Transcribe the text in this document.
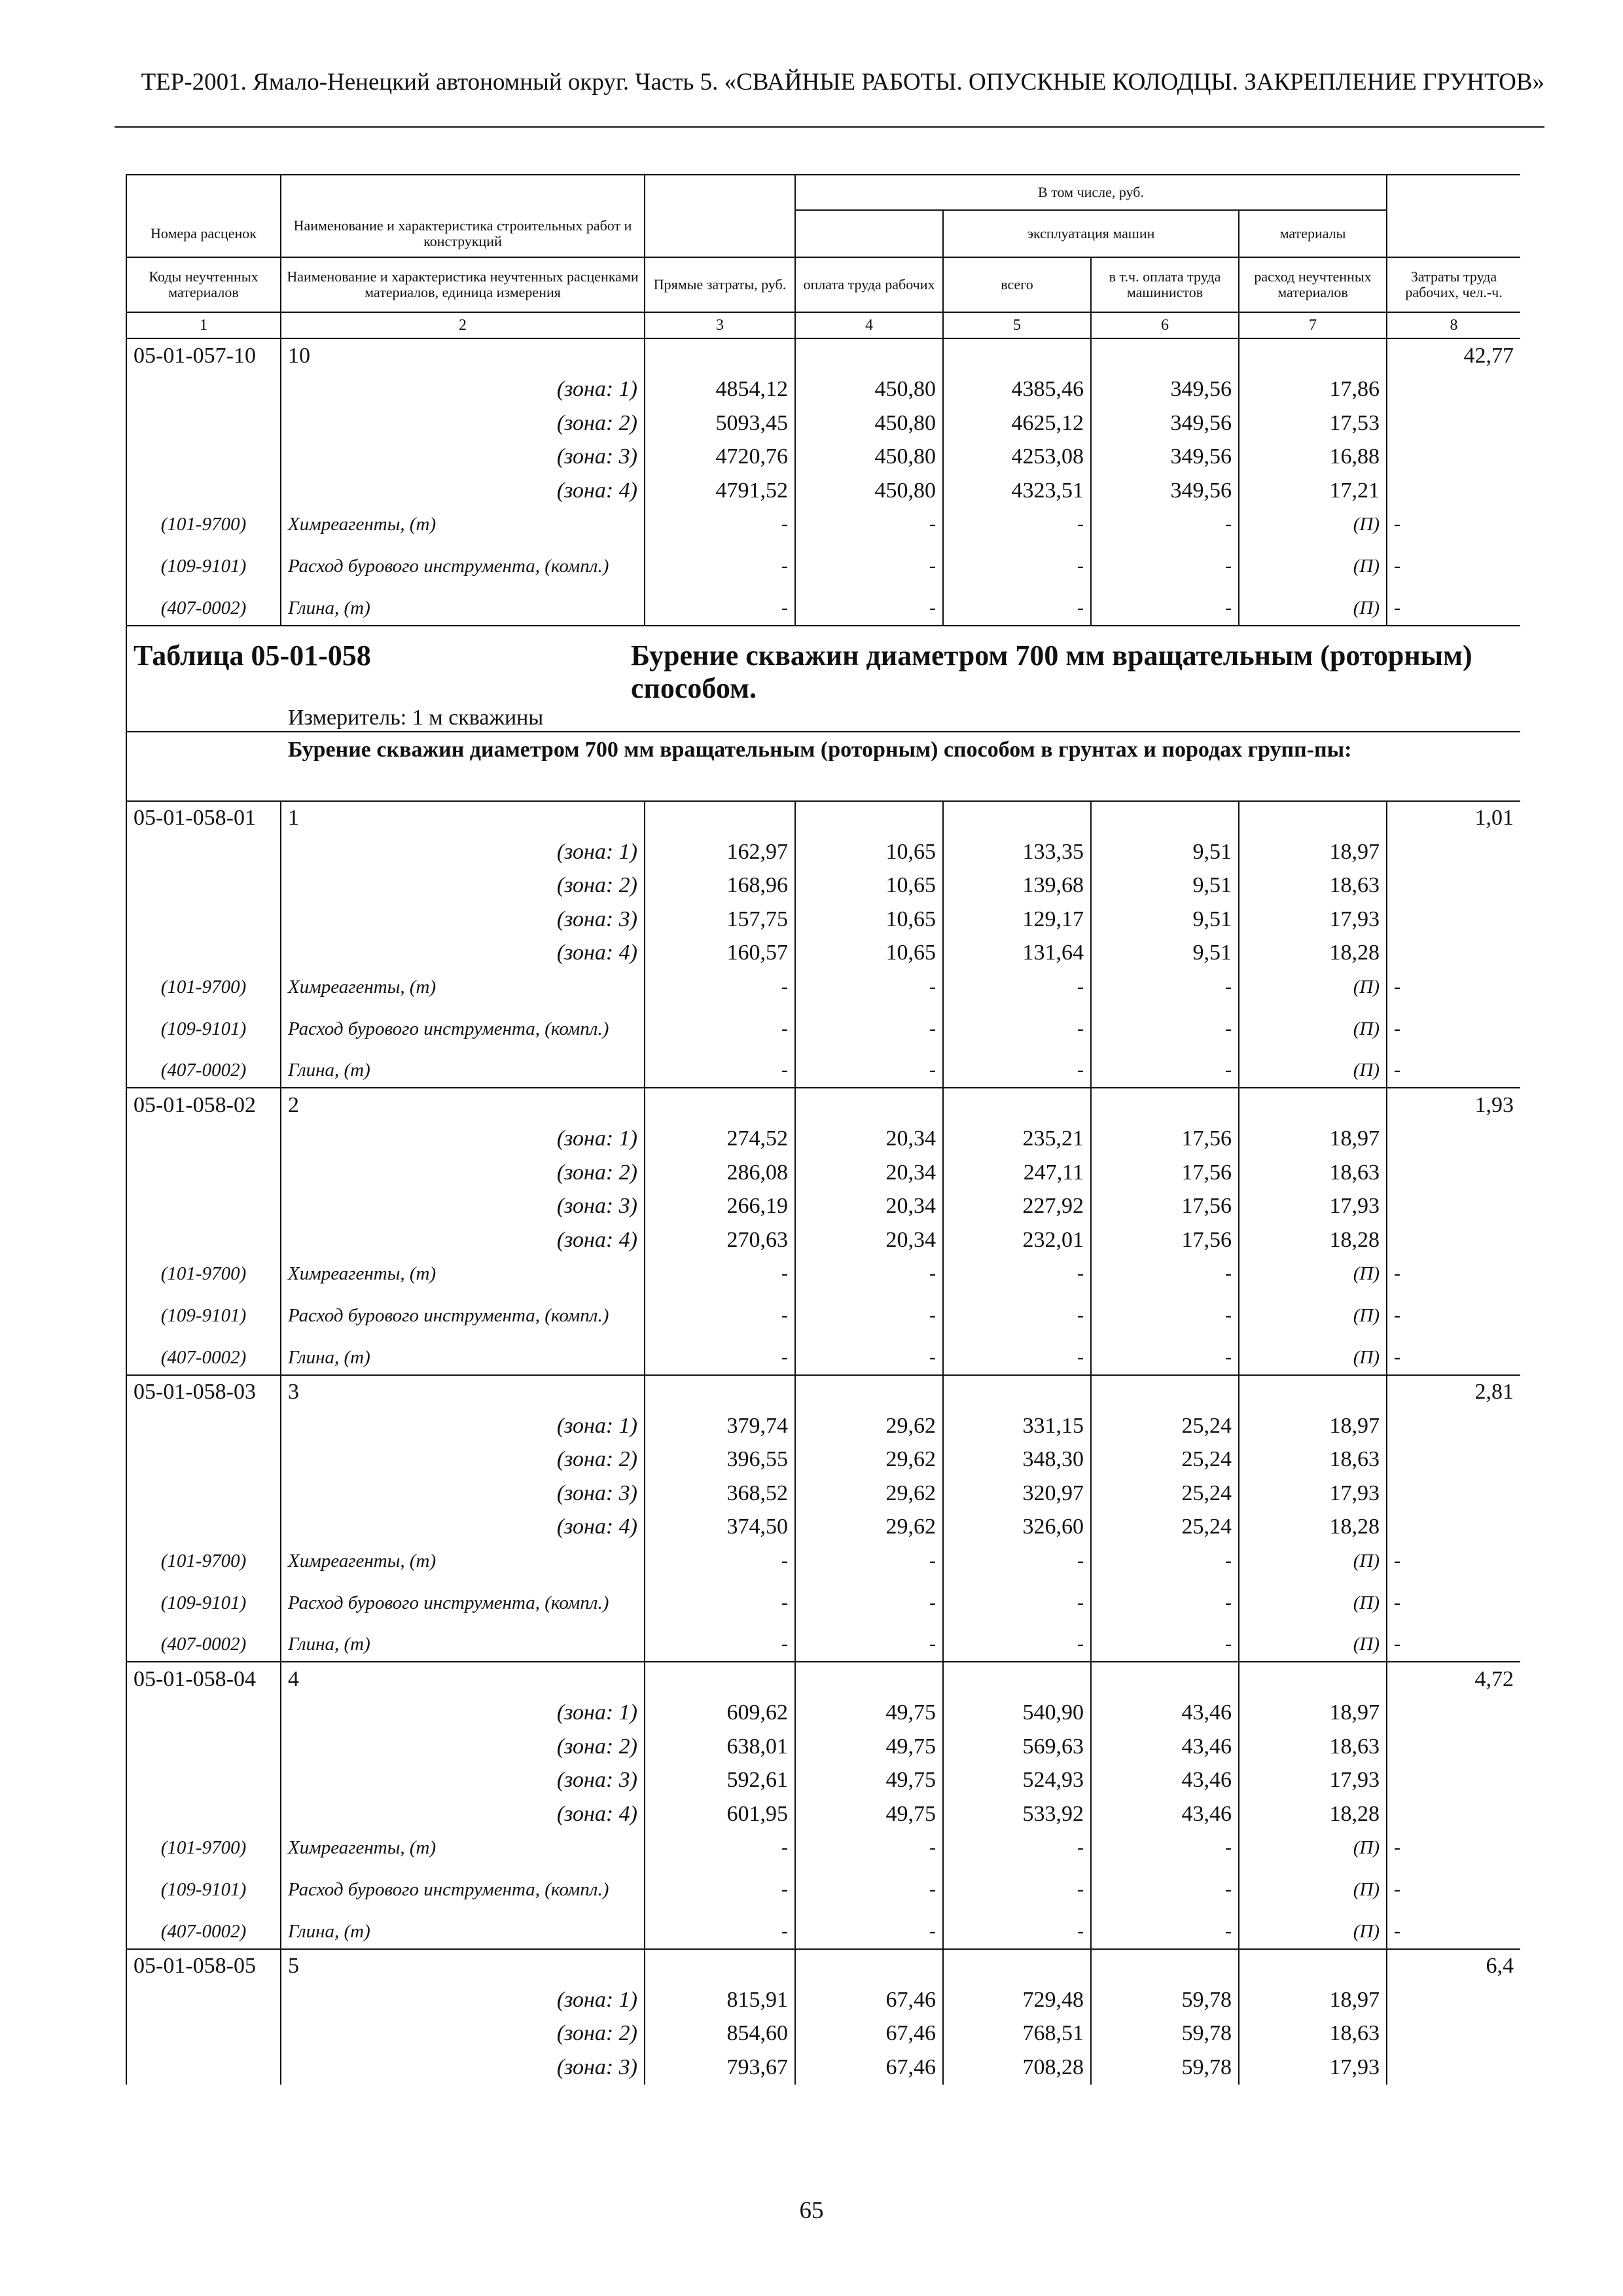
ТЕР-2001. Ямало-Ненецкий автономный округ. Часть 5. «СВАЙНЫЕ РАБОТЫ. ОПУСКНЫЕ КОЛОДЦЫ. ЗАКРЕПЛЕНИЕ ГРУНТОВ»
			В том числе, руб.				
Номера расценок	Наименование и характеристика строительных работ и конструкций			эксплуатация машин		материалы	
Коды неучтенных материалов	Наименование и характеристика неучтенных расценками материалов, единица измерения	Прямые затраты, руб.	оплата труда рабочих	всего	в т.ч. оплата труда машинистов	расход неучтенных материалов	Затраты труда рабочих, чел.-ч.
1	2	3	4	5	6	7	8
05-01-057-10	10						42,77
	(зона: 1)	4854,12	450,80	4385,46	349,56	17,86	
	(зона: 2)	5093,45	450,80	4625,12	349,56	17,53	
	(зона: 3)	4720,76	450,80	4253,08	349,56	16,88	
	(зона: 4)	4791,52	450,80	4323,51	349,56	17,21	
(101-9700)	Химреагенты, (т)	-	-	-	-	(П)	-
(109-9101)	Расход бурового инструмента, (компл.)	-	-	-	-	(П)	-
(407-0002)	Глина, (т)	-	-	-	-	(П)	-
Таблица 05-01-058 Бурение скважин диаметром 700 мм вращательным (роторным) способом.							

Измеритель: 1 м скважины							

Бурение скважин диаметром 700 мм вращательным (роторным) способом в грунтах и породах групп-пы:							

05-01-058-01	1						1,01
	(зона: 1)	162,97	10,65	133,35	9,51	18,97	
	(зона: 2)	168,96	10,65	139,68	9,51	18,63	
	(зона: 3)	157,75	10,65	129,17	9,51	17,93	
	(зона: 4)	160,57	10,65	131,64	9,51	18,28	
(101-9700)	Химреагенты, (т)	-	-	-	-	(П)	-
(109-9101)	Расход бурового инструмента, (компл.)	-	-	-	-	(П)	-
(407-0002)	Глина, (т)	-	-	-	-	(П)	-
05-01-058-02	2						1,93
	(зона: 1)	274,52	20,34	235,21	17,56	18,97	
	(зона: 2)	286,08	20,34	247,11	17,56	18,63	
	(зона: 3)	266,19	20,34	227,92	17,56	17,93	
	(зона: 4)	270,63	20,34	232,01	17,56	18,28	
(101-9700)	Химреагенты, (т)	-	-	-	-	(П)	-
(109-9101)	Расход бурового инструмента, (компл.)	-	-	-	-	(П)	-
(407-0002)	Глина, (т)	-	-	-	-	(П)	-
05-01-058-03	3						2,81
	(зона: 1)	379,74	29,62	331,15	25,24	18,97	
	(зона: 2)	396,55	29,62	348,30	25,24	18,63	
	(зона: 3)	368,52	29,62	320,97	25,24	17,93	
	(зона: 4)	374,50	29,62	326,60	25,24	18,28	
(101-9700)	Химреагенты, (т)	-	-	-	-	(П)	-
(109-9101)	Расход бурового инструмента, (компл.)	-	-	-	-	(П)	-
(407-0002)	Глина, (т)	-	-	-	-	(П)	-
05-01-058-04	4						4,72
	(зона: 1)	609,62	49,75	540,90	43,46	18,97	
	(зона: 2)	638,01	49,75	569,63	43,46	18,63	
	(зона: 3)	592,61	49,75	524,93	43,46	17,93	
	(зона: 4)	601,95	49,75	533,92	43,46	18,28	
(101-9700)	Химреагенты, (т)	-	-	-	-	(П)	-
(109-9101)	Расход бурового инструмента, (компл.)	-	-	-	-	(П)	-
(407-0002)	Глина, (т)	-	-	-	-	(П)	-
05-01-058-05	5						6,4
	(зона: 1)	815,91	67,46	729,48	59,78	18,97	
	(зона: 2)	854,60	67,46	768,51	59,78	18,63	
	(зона: 3)	793,67	67,46	708,28	59,78	17,93	
65
